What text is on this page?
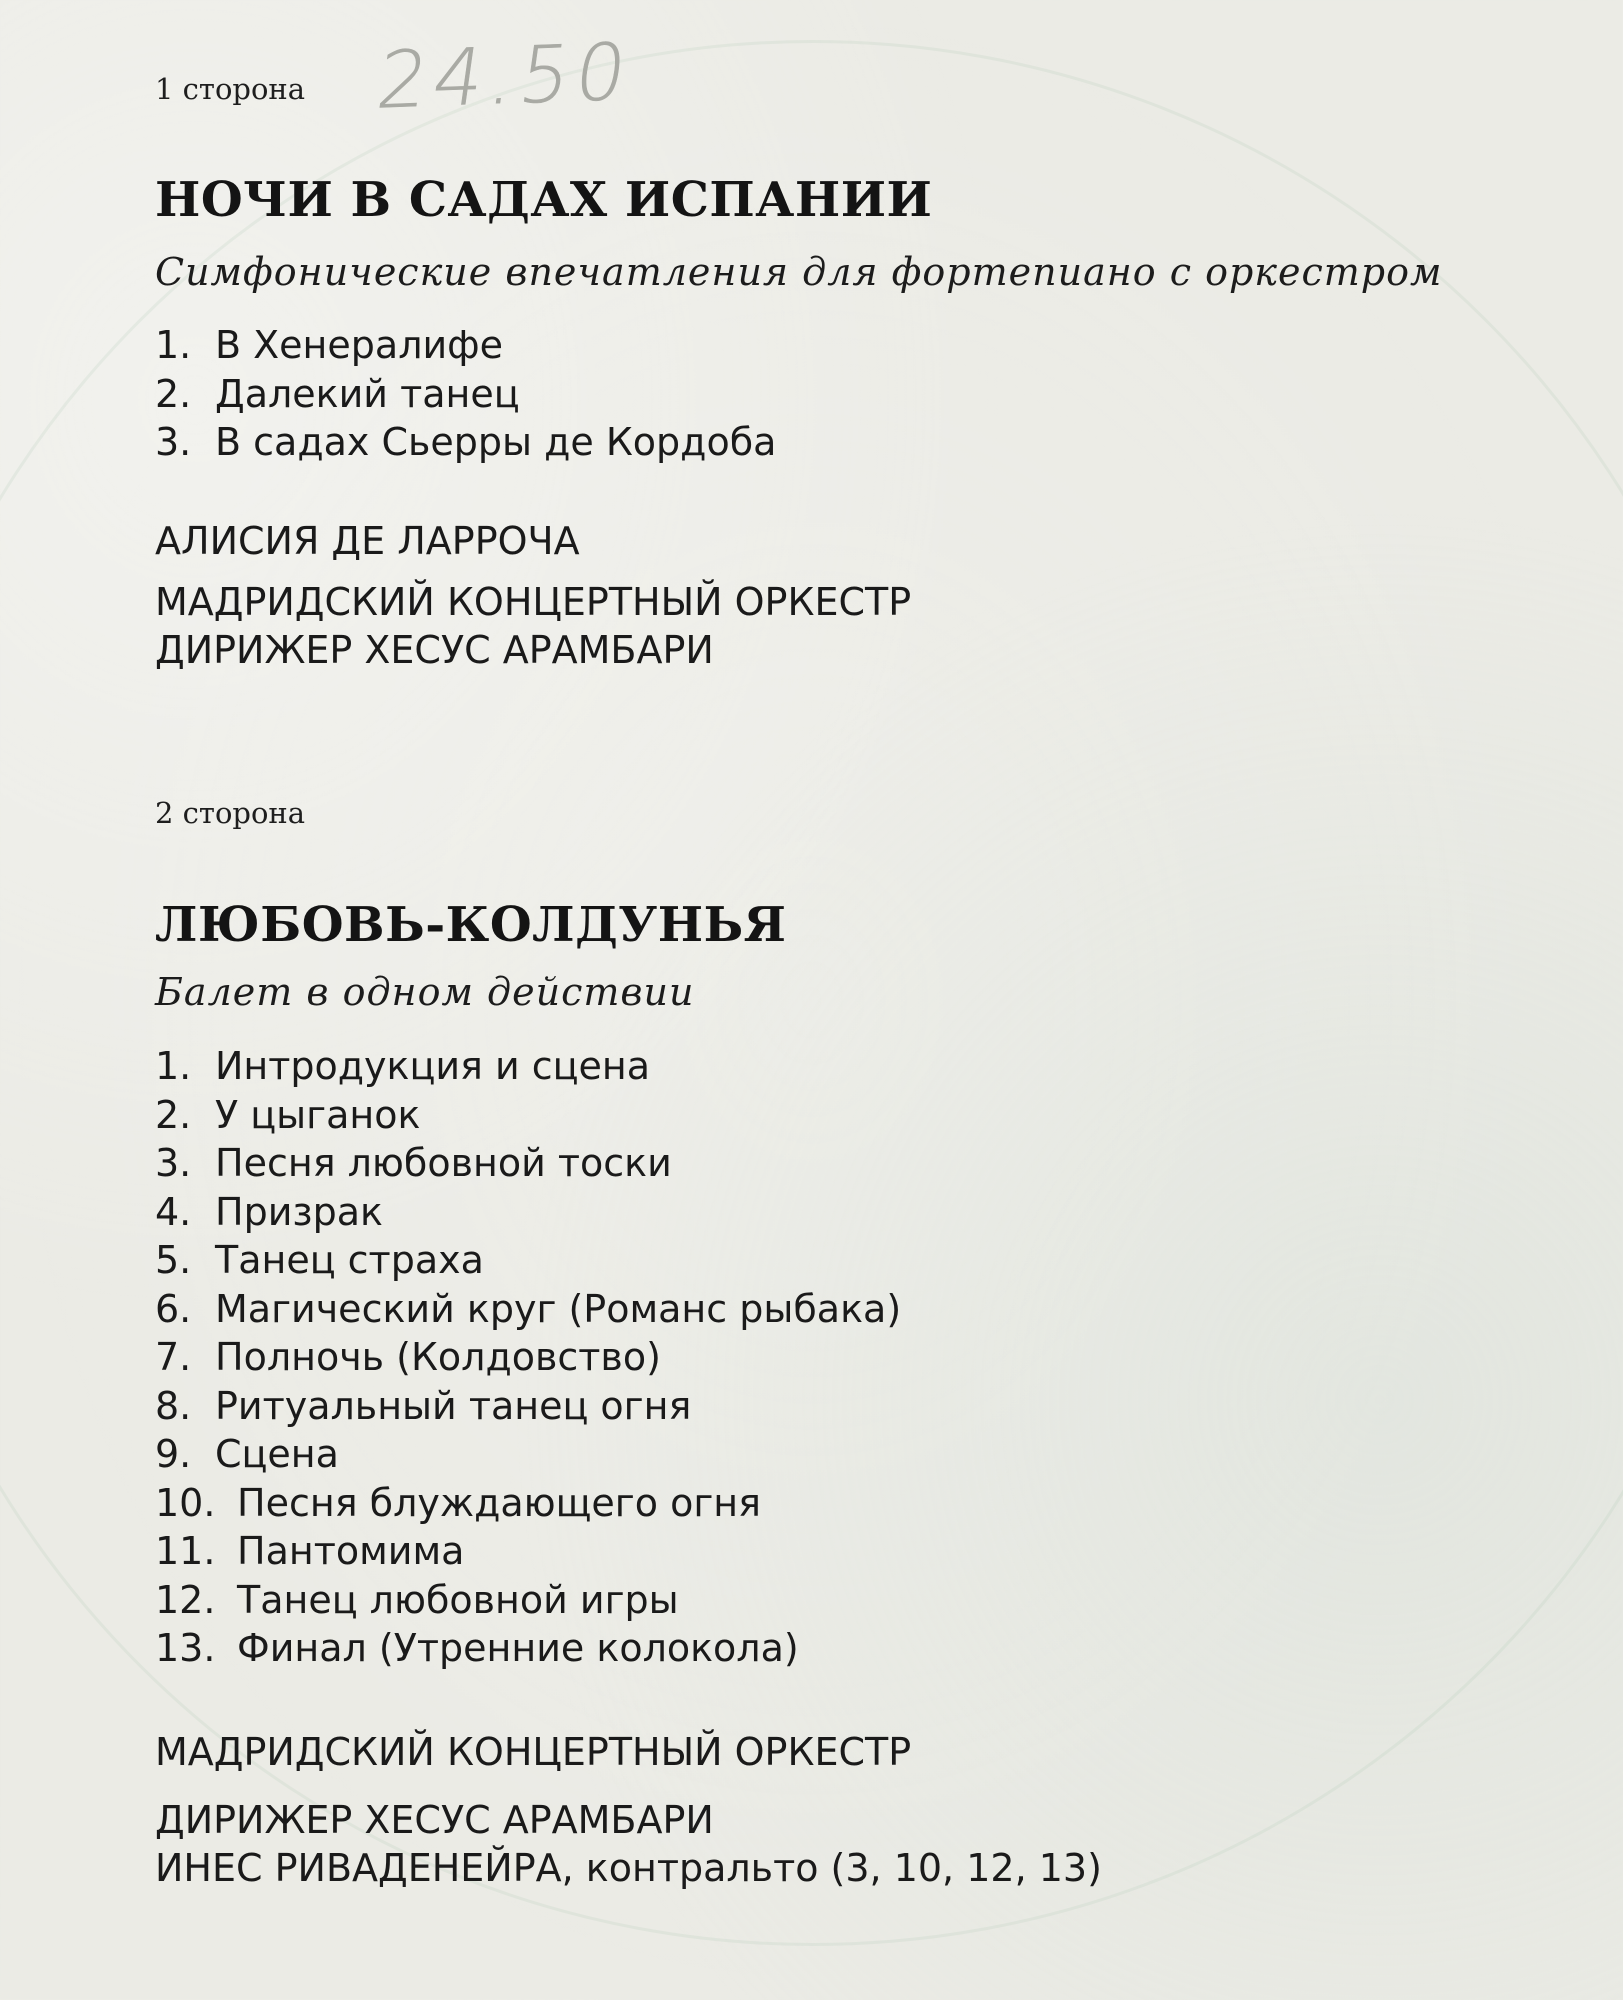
1 сторона 24.50
НОЧИ В САДАХ ИСПАНИИ
Симфонические впечатления для фортепиано с оркестром
1. В Хенералифе
2. Далекий танец
3. В садах Сьерры де Кордоба
АЛИСИЯ ДЕ ЛАРРОЧА
МАДРИДСКИЙ КОНЦЕРТНЫЙ ОРКЕСТР
ДИРИЖЕР ХЕСУС АРАМБАРИ
2 сторона
ЛЮБОВЬ-КОЛДУНЬЯ
Балет в одном действии
1. Интродукция и сцена
2. У цыганок
3. Песня любовной тоски
4. Призрак
5. Танец страха
6. Магический круг (Романс рыбака)
7. Полночь (Колдовство)
8. Ритуальный танец огня
9. Сцена
10. Песня блуждающего огня
11. Пантомима
12. Танец любовной игры
13. Финал (Утренние колокола)
МАДРИДСКИЙ КОНЦЕРТНЫЙ ОРКЕСТР
ДИРИЖЕР ХЕСУС АРАМБАРИ
ИНЕС РИВАДЕНЕЙРА, контральто (3, 10, 12, 13)
